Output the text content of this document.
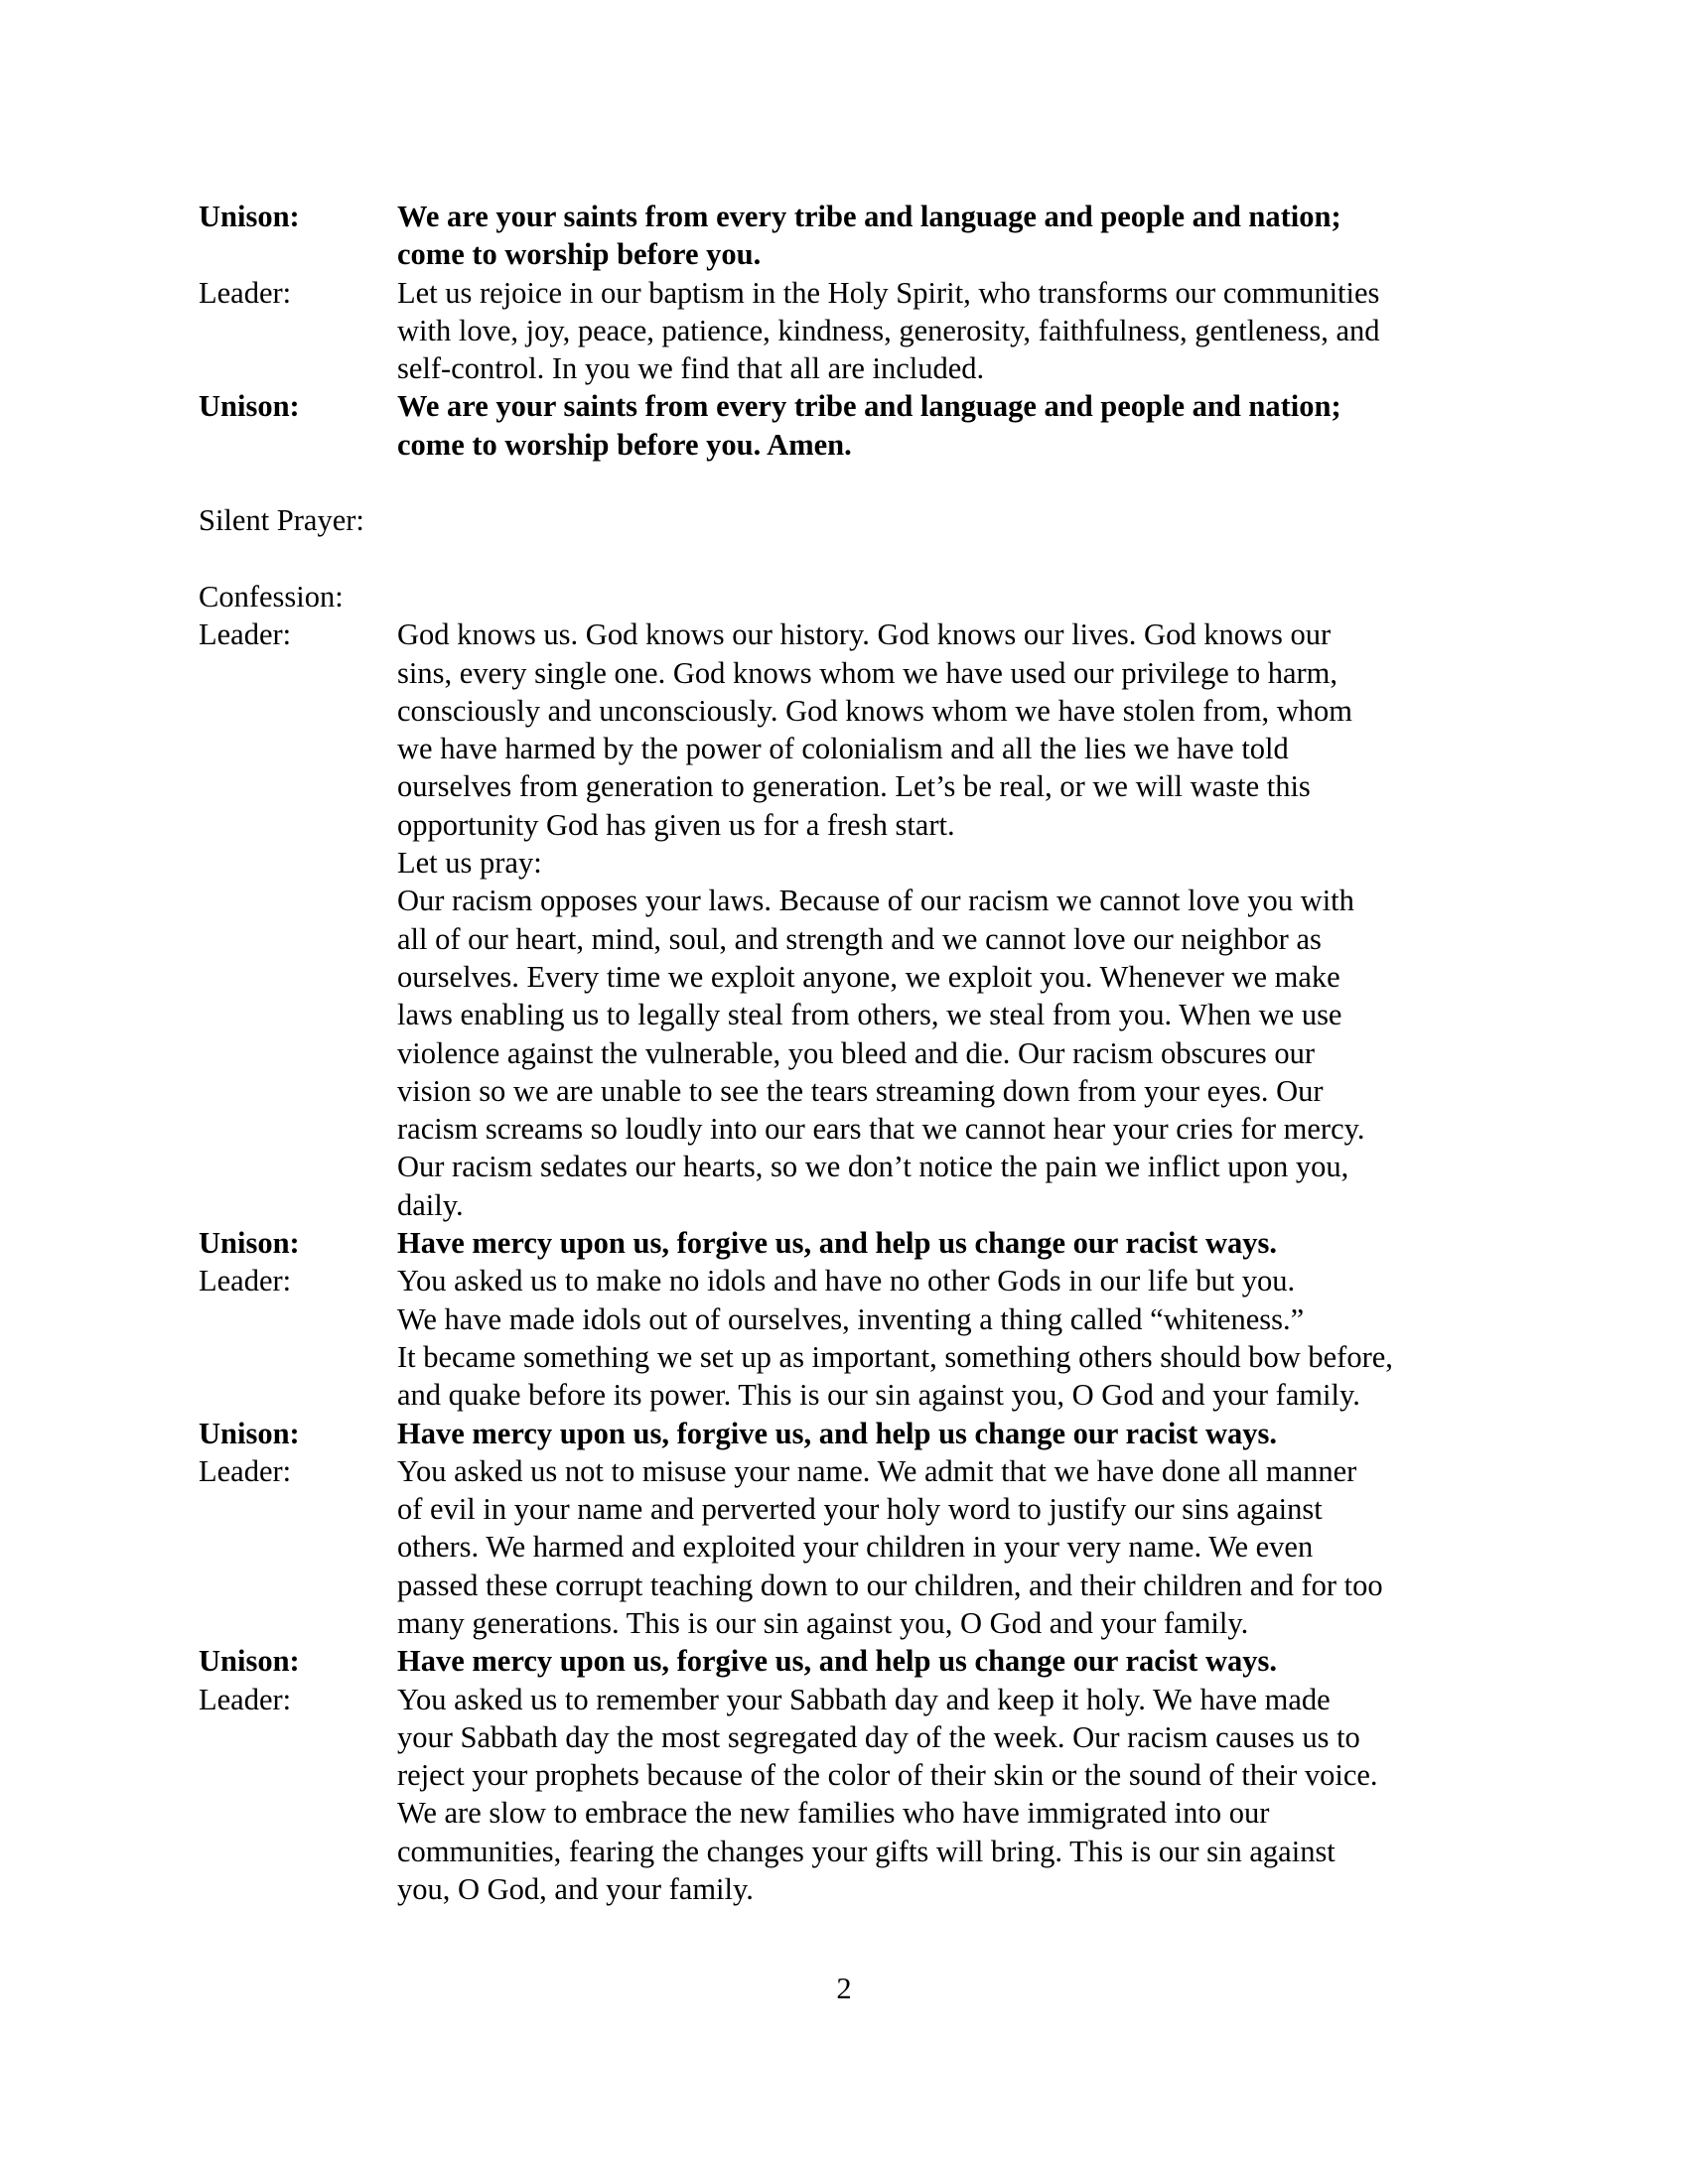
Unison:	We are your saints from every tribe and language and people and nation;
come to worship before you.
Leader:	Let us rejoice in our baptism in the Holy Spirit, who transforms our communities
with love, joy, peace, patience, kindness, generosity, faithfulness, gentleness, and
self-control. In you we find that all are included.
Unison:	We are your saints from every tribe and language and people and nation;
come to worship before you. Amen.
Silent Prayer:
Confession:
Leader:	God knows us. God knows our history. God knows our lives. God knows our
sins, every single one. God knows whom we have used our privilege to harm,
consciously and unconsciously. God knows whom we have stolen from, whom
we have harmed by the power of colonialism and all the lies we have told
ourselves from generation to generation. Let’s be real, or we will waste this
opportunity God has given us for a fresh start.
Let us pray:
Our racism opposes your laws. Because of our racism we cannot love you with
all of our heart, mind, soul, and strength and we cannot love our neighbor as
ourselves. Every time we exploit anyone, we exploit you. Whenever we make
laws enabling us to legally steal from others, we steal from you. When we use
violence against the vulnerable, you bleed and die. Our racism obscures our
vision so we are unable to see the tears streaming down from your eyes. Our
racism screams so loudly into our ears that we cannot hear your cries for mercy.
Our racism sedates our hearts, so we don’t notice the pain we inflict upon you,
daily.
Unison:	Have mercy upon us, forgive us, and help us change our racist ways.
Leader:	You asked us to make no idols and have no other Gods in our life but you.
We have made idols out of ourselves, inventing a thing called “whiteness.”
It became something we set up as important, something others should bow before,
and quake before its power. This is our sin against you, O God and your family.
Unison:	Have mercy upon us, forgive us, and help us change our racist ways.
Leader:	You asked us not to misuse your name. We admit that we have done all manner
of evil in your name and perverted your holy word to justify our sins against
others. We harmed and exploited your children in your very name. We even
passed these corrupt teaching down to our children, and their children and for too
many generations. This is our sin against you, O God and your family.
Unison:	Have mercy upon us, forgive us, and help us change our racist ways.
Leader:	You asked us to remember your Sabbath day and keep it holy. We have made
your Sabbath day the most segregated day of the week. Our racism causes us to
reject your prophets because of the color of their skin or the sound of their voice.
We are slow to embrace the new families who have immigrated into our
communities, fearing the changes your gifts will bring. This is our sin against
you, O God, and your family.
2
